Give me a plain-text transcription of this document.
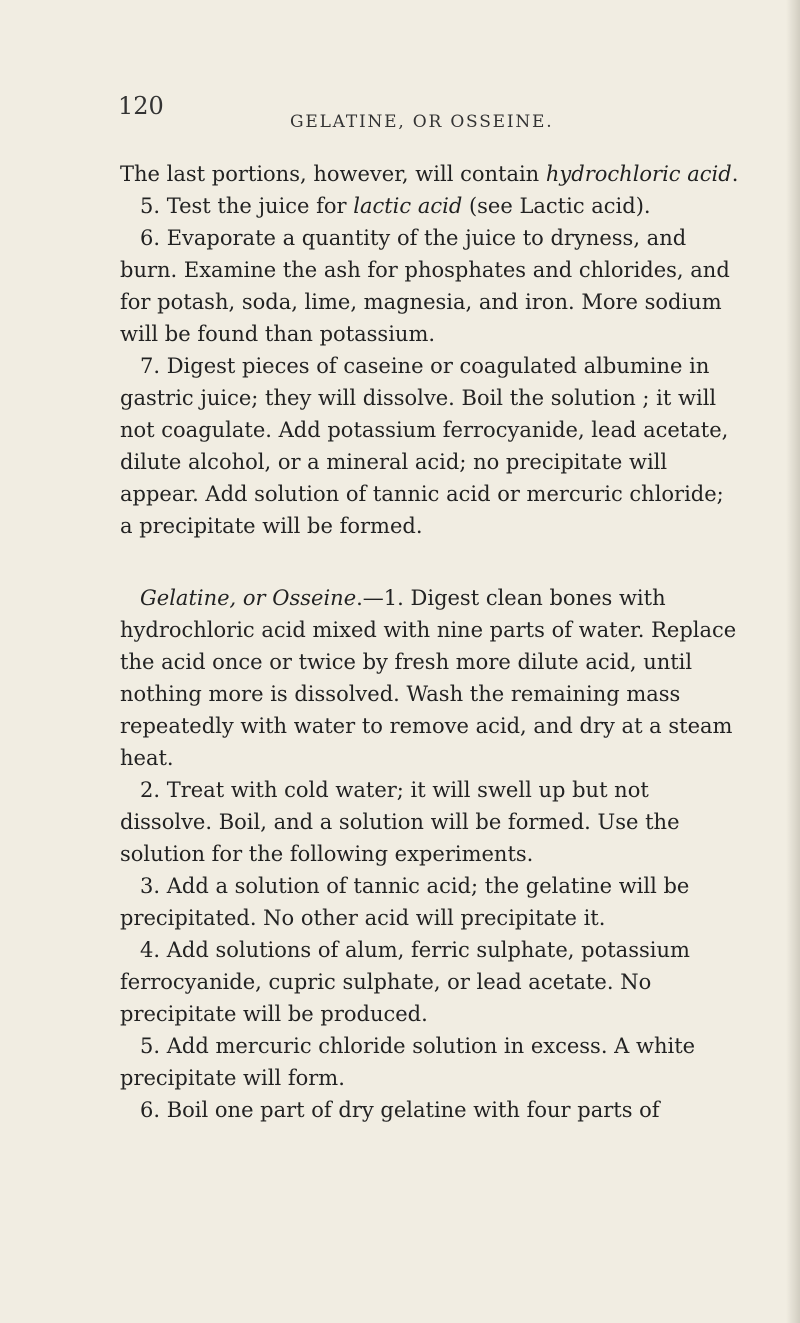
120
GELATINE, OR OSSEINE.

The last portions, however, will contain hydrochloric acid.

5. Test the juice for lactic acid (see Lactic acid).

6. Evaporate a quantity of the juice to dryness, and burn. Examine the ash for phosphates and chlorides, and for potash, soda, lime, magnesia, and iron. More sodium will be found than potassium.

7. Digest pieces of caseine or coagulated albumine in gastric juice; they will dissolve. Boil the solution ; it will not coagulate. Add potassium ferrocyanide, lead acetate, dilute alcohol, or a mineral acid; no precipitate will appear. Add solution of tannic acid or mercuric chloride; a precipitate will be formed.

Gelatine, or Osseine.—1. Digest clean bones with hydrochloric acid mixed with nine parts of water. Replace the acid once or twice by fresh more dilute acid, until nothing more is dissolved. Wash the remaining mass repeatedly with water to remove acid, and dry at a steam heat.

2. Treat with cold water; it will swell up but not dissolve. Boil, and a solution will be formed. Use the solution for the following experiments.

3. Add a solution of tannic acid; the gelatine will be precipitated. No other acid will precipitate it.

4. Add solutions of alum, ferric sulphate, potassium ferrocyanide, cupric sulphate, or lead acetate. No precipitate will be produced.

5. Add mercuric chloride solution in excess. A white precipitate will form.

6. Boil one part of dry gelatine with four parts of
